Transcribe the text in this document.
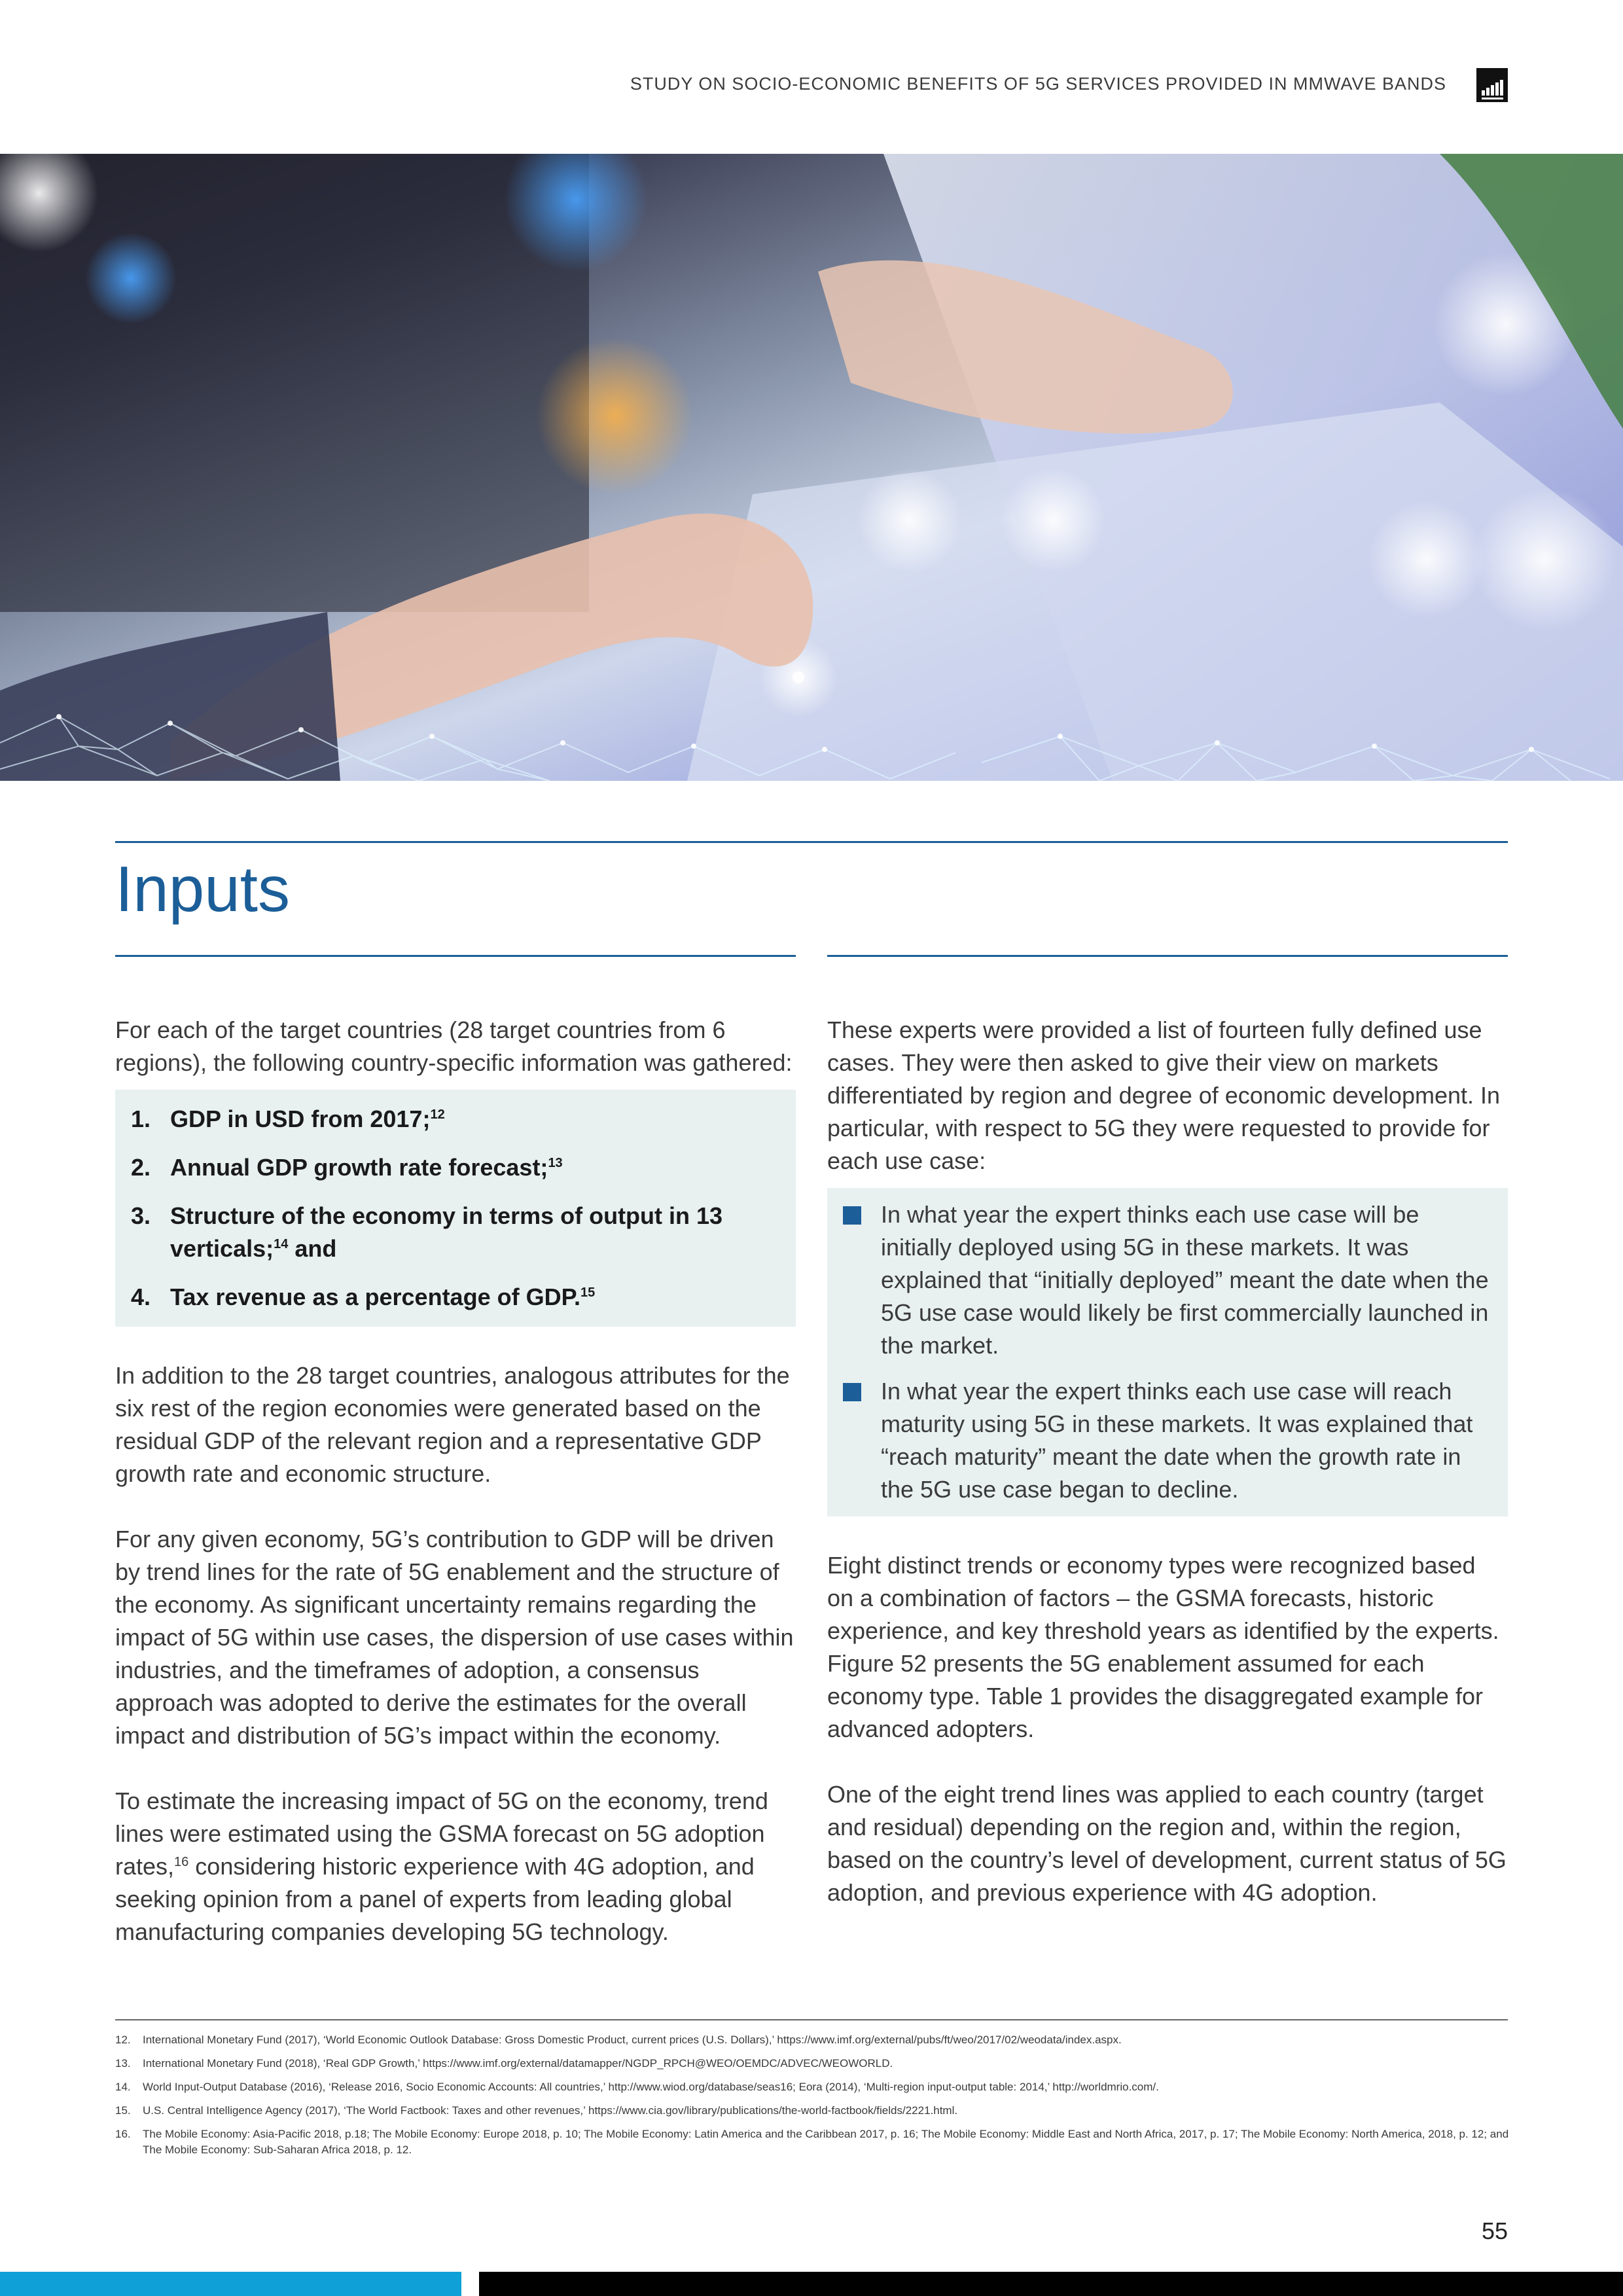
STUDY ON SOCIO-ECONOMIC BENEFITS OF 5G SERVICES PROVIDED IN MMWAVE BANDS
Inputs

For each of the target countries (28 target countries from 6 regions), the following country-specific information was gathered:

1. GDP in USD from 2017;$^{12}$
2. Annual GDP growth rate forecast;$^{13}$
3. Structure of the economy in terms of output in 13 verticals;$^{14}$ and
4. Tax revenue as a percentage of GDP.$^{15}$

In addition to the 28 target countries, analogous attributes for the six rest of the region economies were generated based on the residual GDP of the relevant region and a representative GDP growth rate and economic structure.

For any given economy, 5G’s contribution to GDP will be driven by trend lines for the rate of 5G enablement and the structure of the economy. As significant uncertainty remains regarding the impact of 5G within use cases, the dispersion of use cases within industries, and the timeframes of adoption, a consensus approach was adopted to derive the estimates for the overall impact and distribution of 5G’s impact within the economy.

To estimate the increasing impact of 5G on the economy, trend lines were estimated using the GSMA forecast on 5G adoption rates,$^{16}$ considering historic experience with 4G adoption, and seeking opinion from a panel of experts from leading global manufacturing companies developing 5G technology.

These experts were provided a list of fourteen fully defined use cases. They were then asked to give their view on markets differentiated by region and degree of economic development. In particular, with respect to 5G they were requested to provide for each use case:

In what year the expert thinks each use case will be initially deployed using 5G in these markets. It was explained that “initially deployed” meant the date when the 5G use case would likely be first commercially launched in the market.
In what year the expert thinks each use case will reach maturity using 5G in these markets. It was explained that “reach maturity” meant the date when the growth rate in the 5G use case began to decline.

Eight distinct trends or economy types were recognized based on a combination of factors – the GSMA forecasts, historic experience, and key threshold years as identified by the experts. Figure 52 presents the 5G enablement assumed for each economy type. Table 1 provides the disaggregated example for advanced adopters.

One of the eight trend lines was applied to each country (target and residual) depending on the region and, within the region, based on the country’s level of development, current status of 5G adoption, and previous experience with 4G adoption.

12.	International Monetary Fund (2017), ‘World Economic Outlook Database: Gross Domestic Product, current prices (U.S. Dollars),’ https://www.imf.org/external/pubs/ft/weo/2017/02/weodata/index.aspx.
13.	International Monetary Fund (2018), ‘Real GDP Growth,’ https://www.imf.org/external/datamapper/NGDP_RPCH@WEO/OEMDC/ADVEC/WEOWORLD.
14.	World Input-Output Database (2016), ‘Release 2016, Socio Economic Accounts: All countries,’ http://www.wiod.org/database/seas16; Eora (2014), ‘Multi-region input-output table: 2014,’ http://worldmrio.com/.
15.	U.S. Central Intelligence Agency (2017), ‘The World Factbook: Taxes and other revenues,’ https://www.cia.gov/library/publications/the-world-factbook/fields/2221.html.
16.	The Mobile Economy: Asia-Pacific 2018, p.18; The Mobile Economy: Europe 2018, p. 10; The Mobile Economy: Latin America and the Caribbean 2017, p. 16; The Mobile Economy: Middle East and North Africa, 2017, p. 17; The Mobile Economy: North America, 2018, p. 12; and The Mobile Economy: Sub-Saharan Africa 2018, p. 12.
55
